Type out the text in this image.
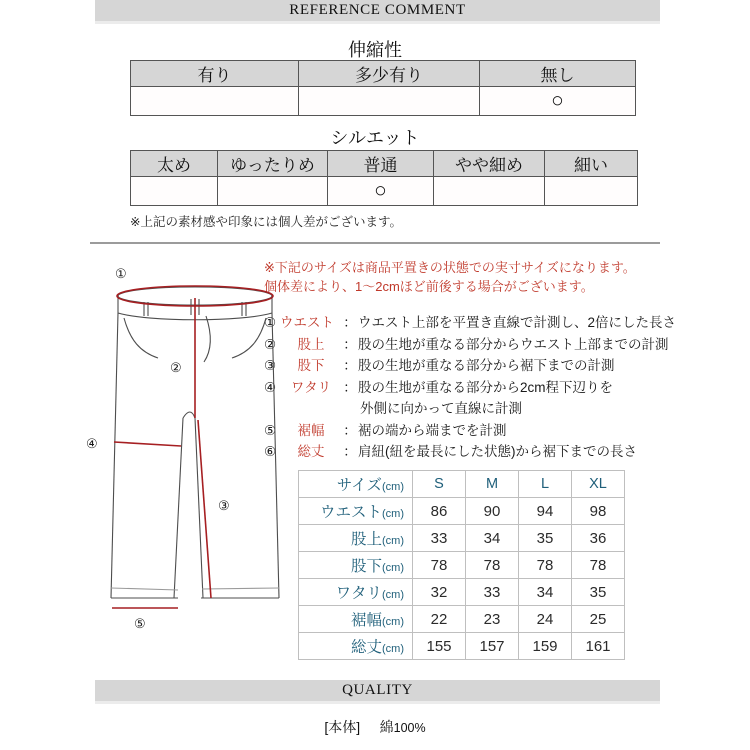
REFERENCE COMMENT
伸縮性
有り	多少有り	無し
		○
シルエット
太め	ゆったりめ	普通	やや細め	細い
		○		
※上記の素材感や印象には個人差がございます。
※下記のサイズは商品平置きの状態での実寸サイズになります。
個体差により、1〜2cmほど前後する場合がございます。
① ウエスト ：ウエスト上部を平置き直線で計測し、2倍にした長さ
② 股上 ：股の生地が重なる部分からウエスト上部までの計測
③ 股下 ：股の生地が重なる部分から裾下までの計測
④ ワタリ ：股の生地が重なる部分から2cm程下辺りを
外側に向かって直線に計測
⑤ 裾幅 ：裾の端から端までを計測
⑥ 総丈 ：肩紐(紐を最長にした状態)から裾下までの長さ
サイズ(cm)	S	M	L	XL
ウエスト(cm)	86	90	94	98
股上(cm)	33	34	35	36
股下(cm)	78	78	78	78
ワタリ(cm)	32	33	34	35
裾幅(cm)	22	23	24	25
総丈(cm)	155	157	159	161
①
②
③
④
⑤
QUALITY
[本体] 綿100%
